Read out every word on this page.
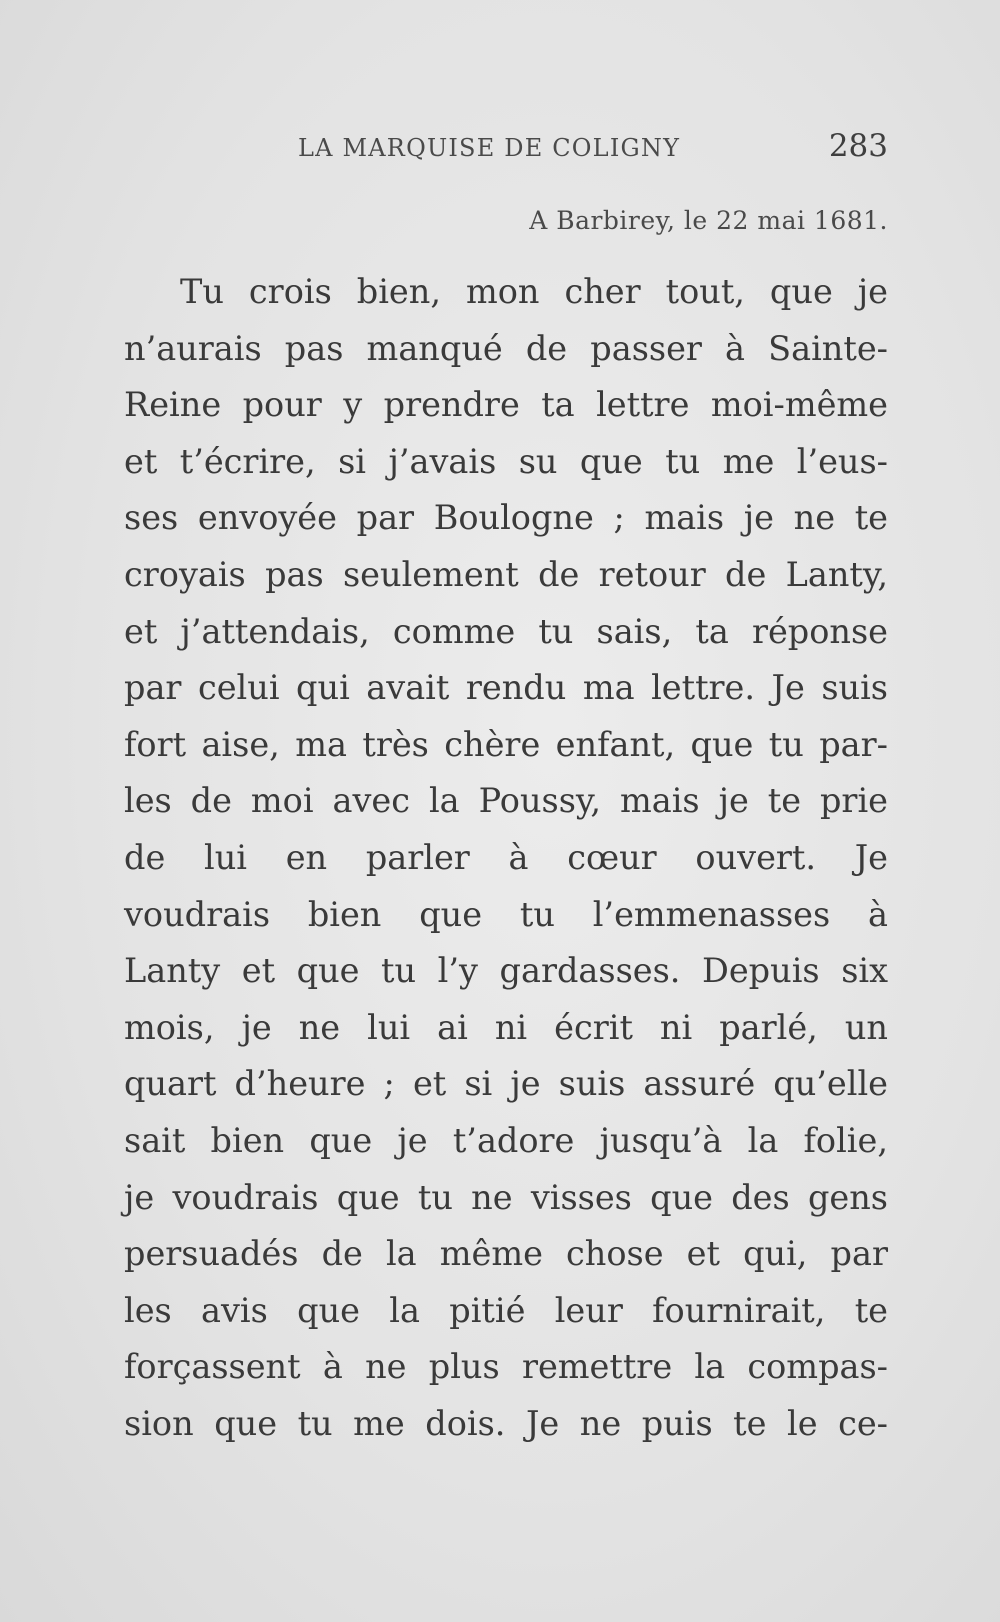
LA MARQUISE DE COLIGNY	283
A Barbirey, le 22 mai 1681.
Tu crois bien, mon cher tout, que je
n’aurais pas manqué de passer à Sainte-
Reine pour y prendre ta lettre moi-même
et t’écrire, si j’avais su que tu me l’eus-
ses envoyée par Boulogne ; mais je ne te
croyais pas seulement de retour de Lanty,
et j’attendais, comme tu sais, ta réponse
par celui qui avait rendu ma lettre. Je suis
fort aise, ma très chère enfant, que tu par-
les de moi avec la Poussy, mais je te prie
de lui en parler à cœur ouvert. Je
voudrais bien que tu l’emmenasses à
Lanty et que tu l’y gardasses. Depuis six
mois, je ne lui ai ni écrit ni parlé, un
quart d’heure ; et si je suis assuré qu’elle
sait bien que je t’adore jusqu’à la folie,
je voudrais que tu ne visses que des gens
persuadés de la même chose et qui, par
les avis que la pitié leur fournirait, te
forçassent à ne plus remettre la compas-
sion que tu me dois. Je ne puis te le ce-
